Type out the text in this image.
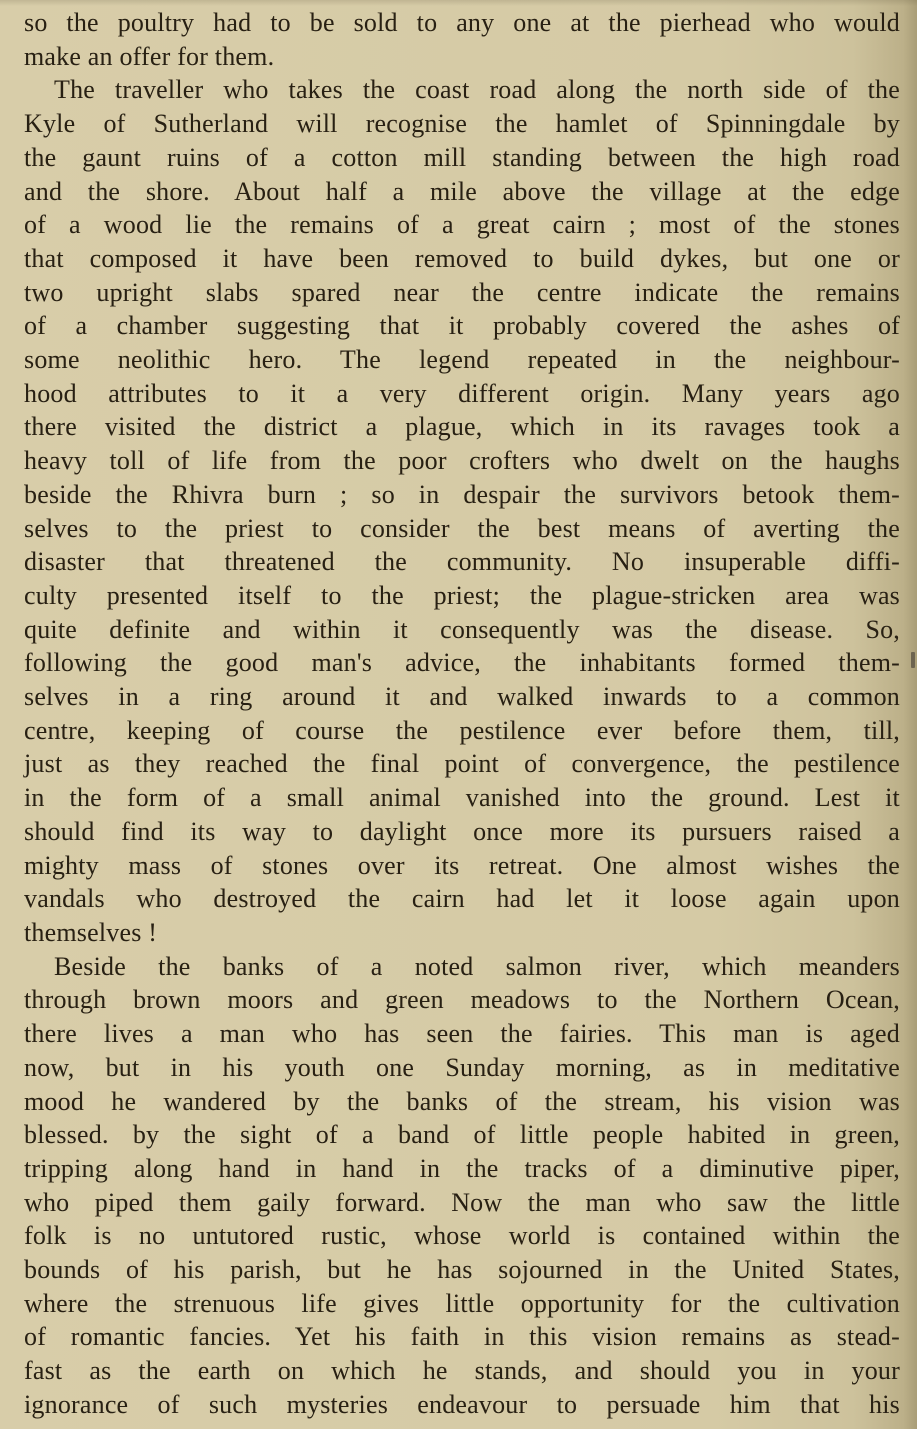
so the poultry had to be sold to any one at the pierhead who would
make an offer for them.
The traveller who takes the coast road along the north side of the
Kyle of Sutherland will recognise the hamlet of Spinningdale by
the gaunt ruins of a cotton mill standing between the high road
and the shore. About half a mile above the village at the edge
of a wood lie the remains of a great cairn ; most of the stones
that composed it have been removed to build dykes, but one or
two upright slabs spared near the centre indicate the remains
of a chamber suggesting that it probably covered the ashes of
some neolithic hero. The legend repeated in the neighbour-
hood attributes to it a very different origin. Many years ago
there visited the district a plague, which in its ravages took a
heavy toll of life from the poor crofters who dwelt on the haughs
beside the Rhivra burn ; so in despair the survivors betook them-
selves to the priest to consider the best means of averting the
disaster that threatened the community. No insuperable diffi-
culty presented itself to the priest; the plague-stricken area was
quite definite and within it consequently was the disease. So,
following the good man's advice, the inhabitants formed them-
selves in a ring around it and walked inwards to a common
centre, keeping of course the pestilence ever before them, till,
just as they reached the final point of convergence, the pestilence
in the form of a small animal vanished into the ground. Lest it
should find its way to daylight once more its pursuers raised a
mighty mass of stones over its retreat. One almost wishes the
vandals who destroyed the cairn had let it loose again upon
themselves !
Beside the banks of a noted salmon river, which meanders
through brown moors and green meadows to the Northern Ocean,
there lives a man who has seen the fairies. This man is aged
now, but in his youth one Sunday morning, as in meditative
mood he wandered by the banks of the stream, his vision was
blessed. by the sight of a band of little people habited in green,
tripping along hand in hand in the tracks of a diminutive piper,
who piped them gaily forward. Now the man who saw the little
folk is no untutored rustic, whose world is contained within the
bounds of his parish, but he has sojourned in the United States,
where the strenuous life gives little opportunity for the cultivation
of romantic fancies. Yet his faith in this vision remains as stead-
fast as the earth on which he stands, and should you in your
ignorance of such mysteries endeavour to persuade him that his
